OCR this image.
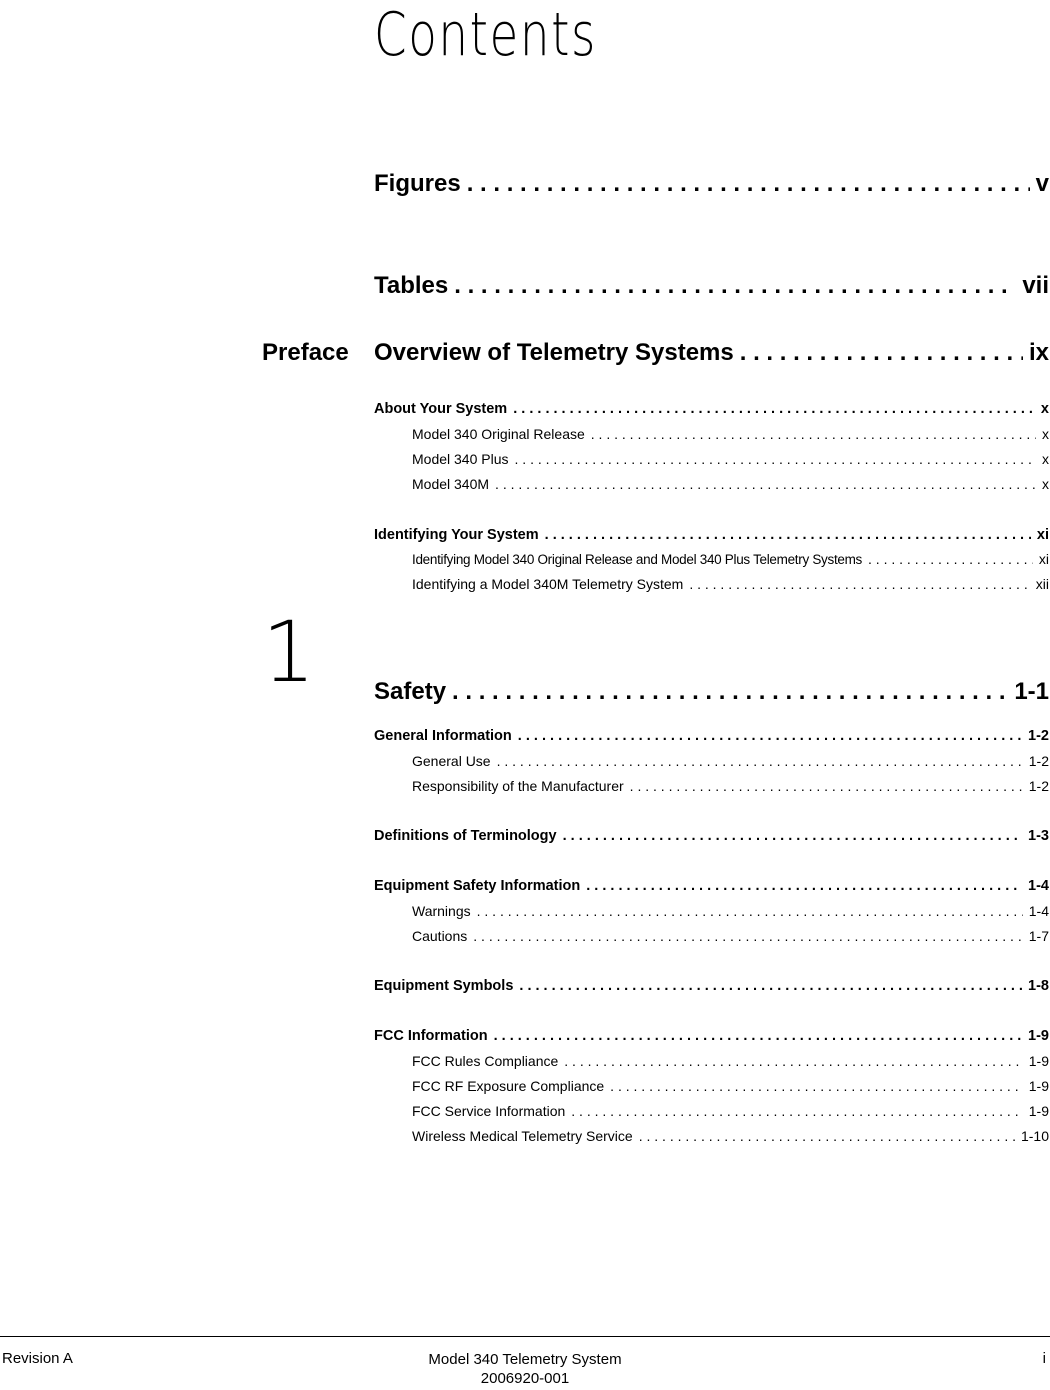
Contents
Figures . . .	v
Tables . . .	vii
Preface Overview of Telemetry Systems . . .	ix
About Your System . . .	x
Model 340 Original Release . . .	x
Model 340 Plus . . .	x
Model 340M . . .	x
Identifying Your System . . .	xi
Identifying Model 340 Original Release and Model 340 Plus Telemetry Systems . . .	xi
Identifying a Model 340M Telemetry System . . .	xii
1 Safety . . .	1-1
General Information . . .	1-2
General Use . . .	1-2
Responsibility of the Manufacturer . . .	1-2
Definitions of Terminology . . .	1-3
Equipment Safety Information . . .	1-4
Warnings . . .	1-4
Cautions . . .	1-7
Equipment Symbols . . .	1-8
FCC Information . . .	1-9
FCC Rules Compliance . . .	1-9
FCC RF Exposure Compliance . . .	1-9
FCC Service Information . . .	1-9
Wireless Medical Telemetry Service . . .	1-10
Revision A	Model 340 Telemetry System
2006920-001
i
